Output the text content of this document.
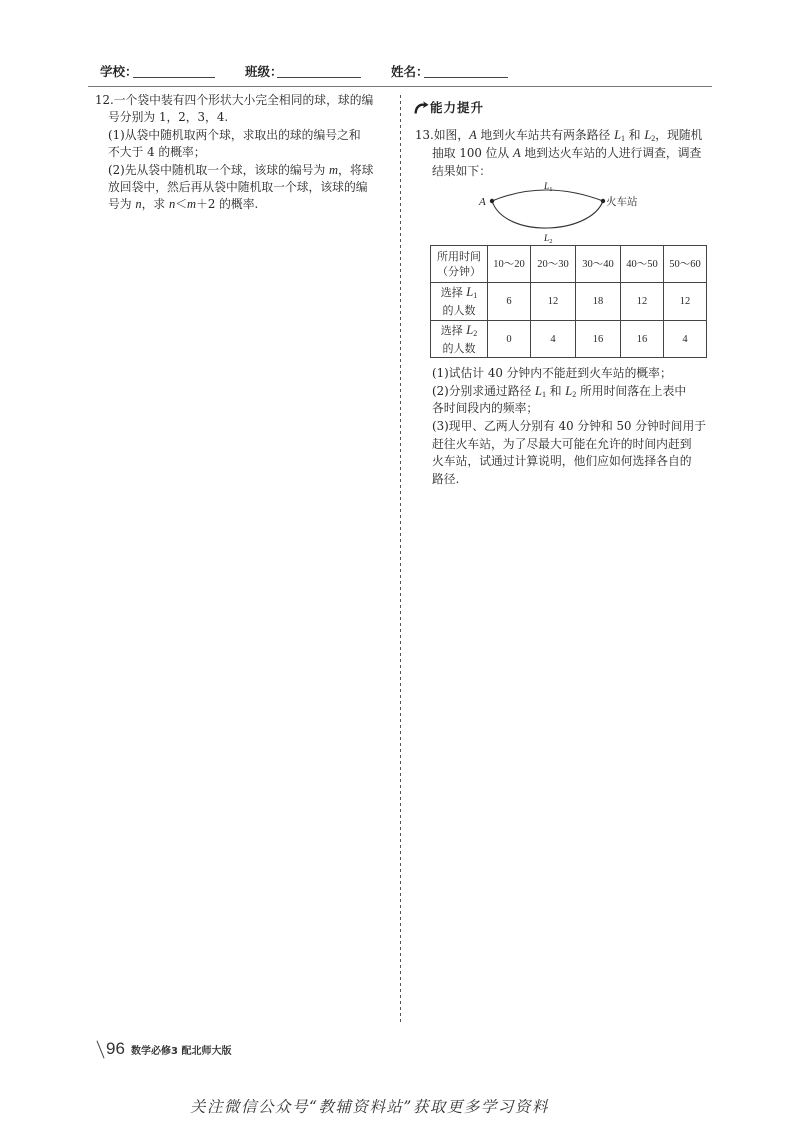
学校：	班级：	姓名：
12.一个袋中装有四个形状大小完全相同的球，球的编
号分别为 1，2，3，4.
(1)从袋中随机取两个球，求取出的球的编号之和
不大于 4 的概率；
(2)先从袋中随机取一个球，该球的编号为 m，将球
放回袋中，然后再从袋中随机取一个球，该球的编
号为 n，求 n＜m＋2 的概率.
能力提升
13.如图，A 地到火车站共有两条路径 $L_1$ 和 $L_2$，现随机
抽取 100 位从 A 地到达火车站的人进行调查，调查
结果如下：
A	火车站
$L_1$
$L_2$
所用时间
（分钟）	10～20	20～30	30～40	40～50	50～60

选择 $L_1$
的人数	6	12	18	12	12

选择 $L_2$
的人数	0	4	16	16	4
(1)试估计 40 分钟内不能赶到火车站的概率；
(2)分别求通过路径 $L_1$ 和 $L_2$ 所用时间落在上表中
各时间段内的频率；
(3)现甲、乙两人分别有 40 分钟和 50 分钟时间用于
赶往火车站，为了尽最大可能在允许的时间内赶到
火车站，试通过计算说明，他们应如何选择各自的
路径.
96 数学必修3 配北师大版
关注微信公众号“教辅资料站”获取更多学习资料
